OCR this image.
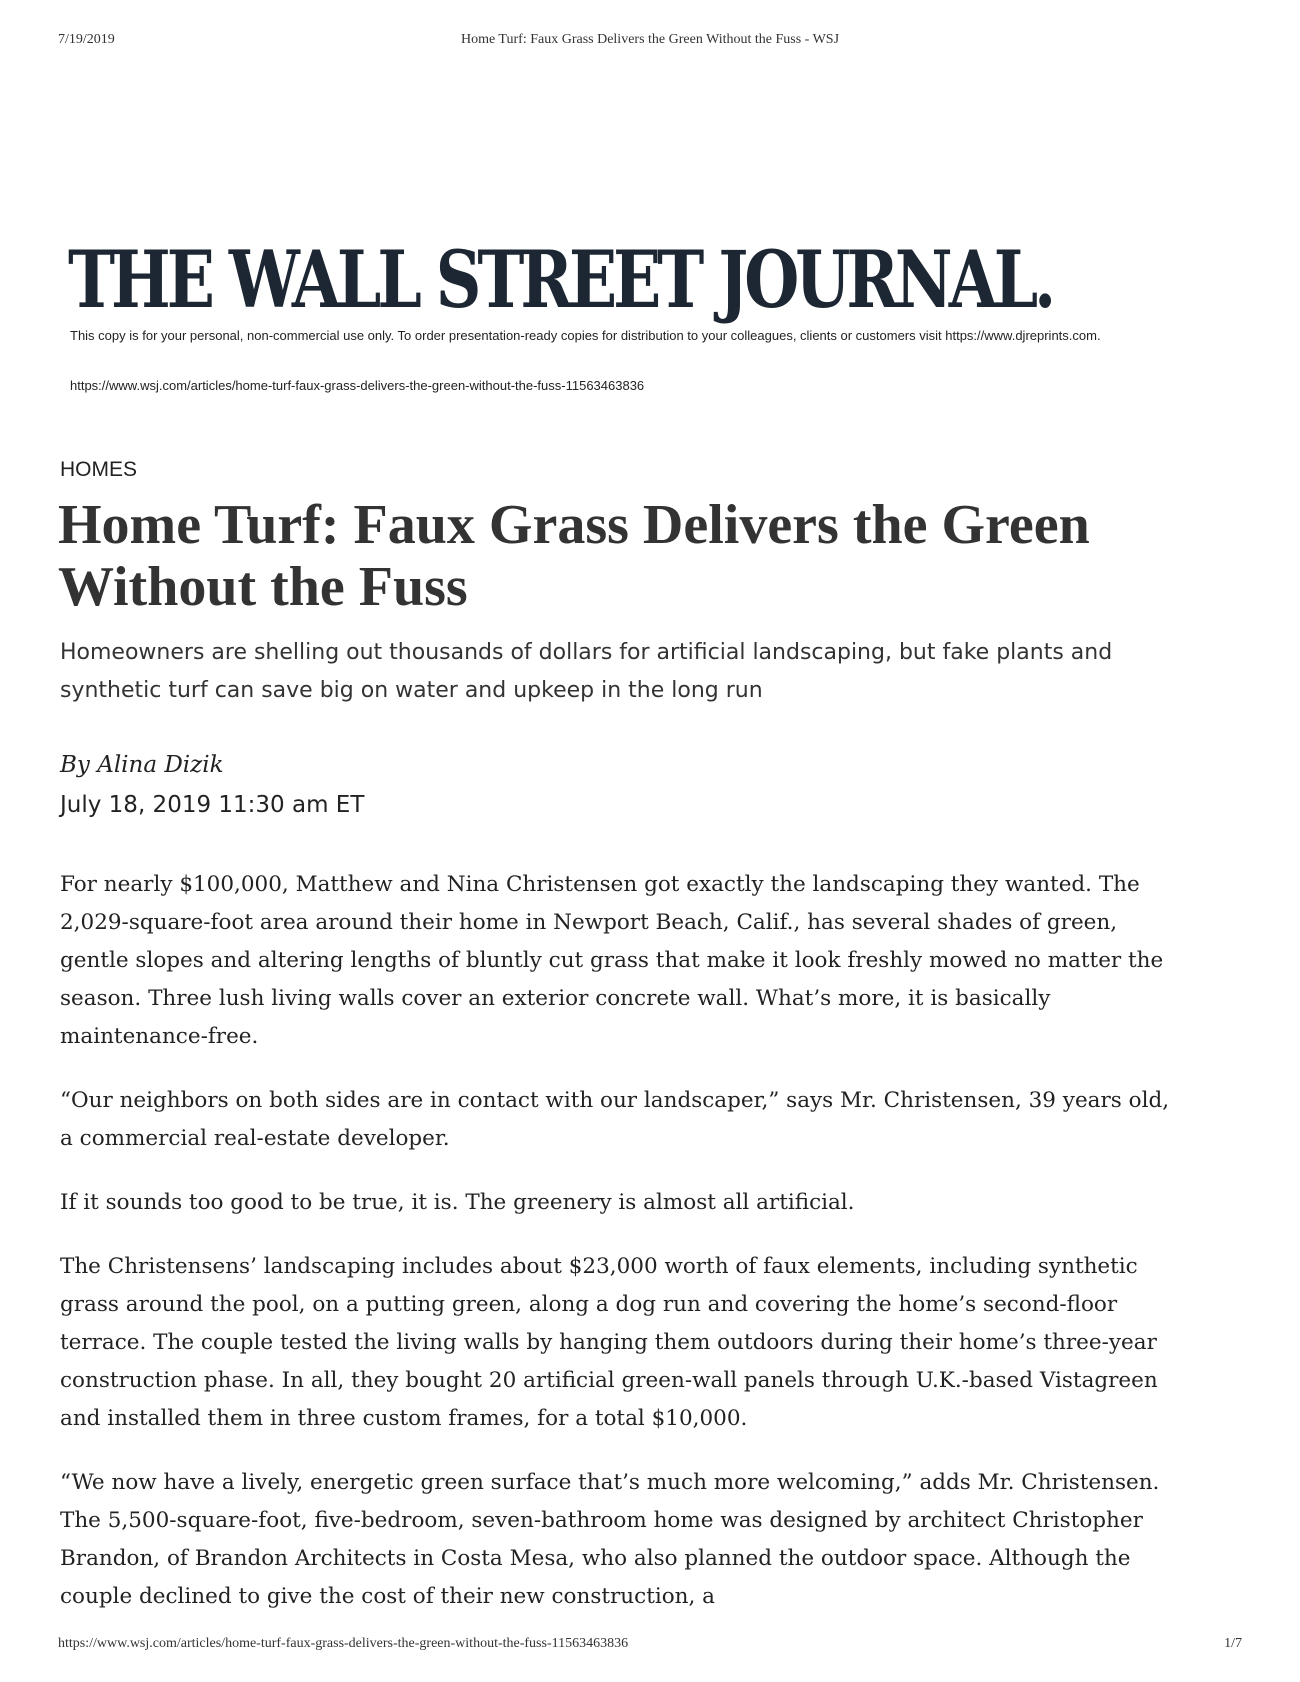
7/19/2019	Home Turf: Faux Grass Delivers the Green Without the Fuss - WSJ
THE WALL STREET JOURNAL.
This copy is for your personal, non-commercial use only. To order presentation-ready copies for distribution to your colleagues, clients or customers visit https://www.djreprints.com.
https://www.wsj.com/articles/home-turf-faux-grass-delivers-the-green-without-the-fuss-11563463836
HOMES
Home Turf: Faux Grass Delivers the Green Without the Fuss
Homeowners are shelling out thousands of dollars for artificial landscaping, but fake plants and synthetic turf can save big on water and upkeep in the long run
By Alina Dizik
July 18, 2019 11:30 am ET

For nearly $100,000, Matthew and Nina Christensen got exactly the landscaping they wanted. The 2,029-square-foot area around their home in Newport Beach, Calif., has several shades of green, gentle slopes and altering lengths of bluntly cut grass that make it look freshly mowed no matter the season. Three lush living walls cover an exterior concrete wall. What’s more, it is basically maintenance-free.

“Our neighbors on both sides are in contact with our landscaper,” says Mr. Christensen, 39 years old, a commercial real-estate developer.

If it sounds too good to be true, it is. The greenery is almost all artificial.

The Christensens’ landscaping includes about $23,000 worth of faux elements, including synthetic grass around the pool, on a putting green, along a dog run and covering the home’s second-floor terrace. The couple tested the living walls by hanging them outdoors during their home’s three-year construction phase. In all, they bought 20 artificial green-wall panels through U.K.-based Vistagreen and installed them in three custom frames, for a total $10,000.

“We now have a lively, energetic green surface that’s much more welcoming,” adds Mr. Christensen. The 5,500-square-foot, five-bedroom, seven-bathroom home was designed by architect Christopher Brandon, of Brandon Architects in Costa Mesa, who also planned the outdoor space. Although the couple declined to give the cost of their new construction, a

https://www.wsj.com/articles/home-turf-faux-grass-delivers-the-green-without-the-fuss-11563463836	1/7
